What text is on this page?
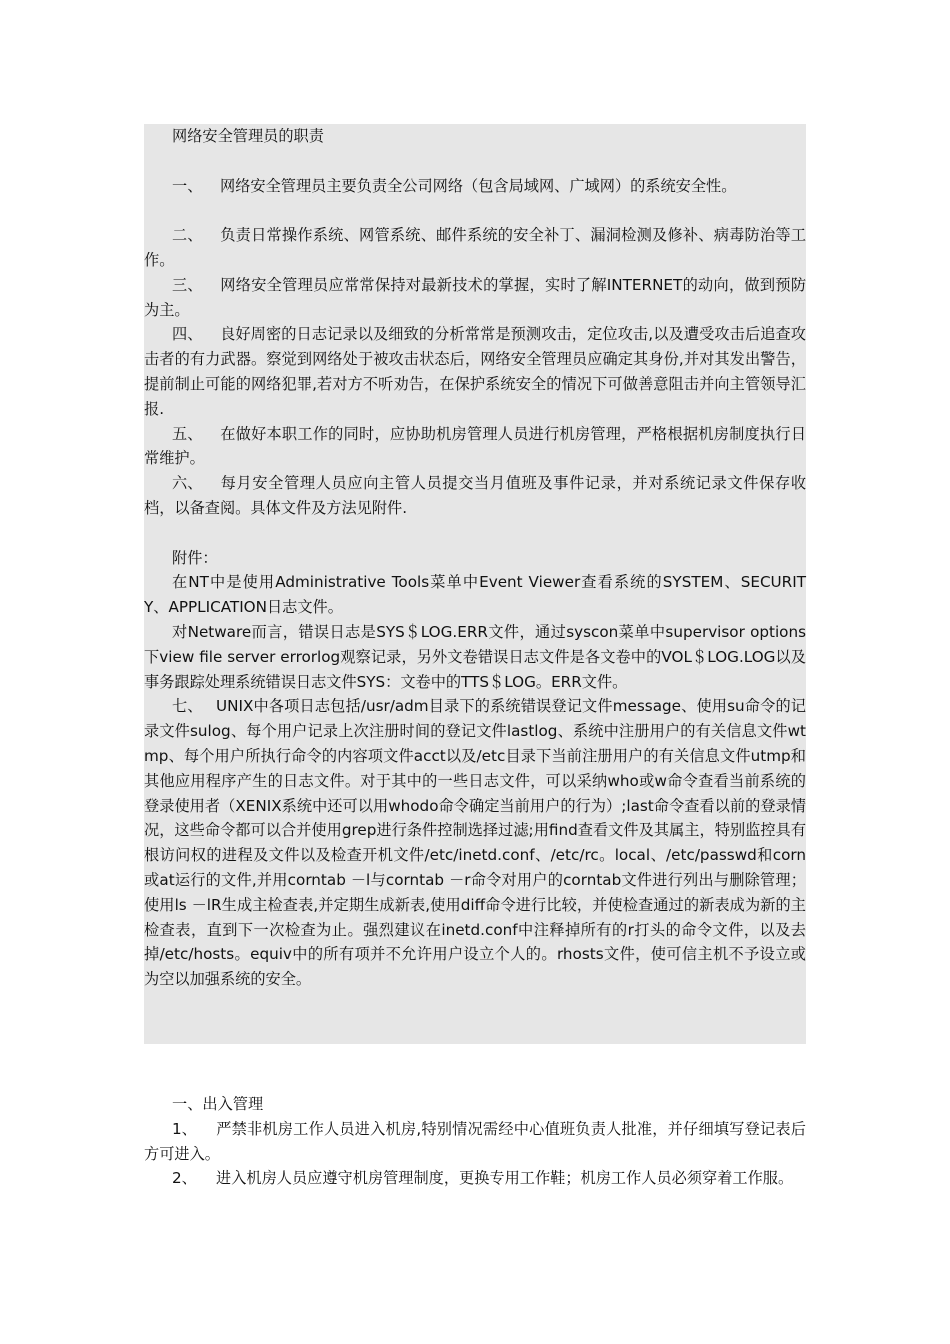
网络安全管理员的职责

一、 网络安全管理员主要负责全公司网络（包含局域网、广域网）的系统安全性。

二、 负责日常操作系统、网管系统、邮件系统的安全补丁、漏洞检测及修补、病毒防治等工作。

三、 网络安全管理员应常常保持对最新技术的掌握，实时了解INTERNET的动向，做到预防为主。

四、 良好周密的日志记录以及细致的分析常常是预测攻击，定位攻击,以及遭受攻击后追查攻击者的有力武器。察觉到网络处于被攻击状态后，网络安全管理员应确定其身份,并对其发出警告，提前制止可能的网络犯罪,若对方不听劝告，在保护系统安全的情况下可做善意阻击并向主管领导汇报.

五、 在做好本职工作的同时，应协助机房管理人员进行机房管理，严格根据机房制度执行日常维护。

六、 每月安全管理人员应向主管人员提交当月值班及事件记录，并对系统记录文件保存收档，以备查阅。具体文件及方法见附件.

附件：

在NT中是使用Administrative Tools菜单中Event Viewer查看系统的SYSTEM、SECURITY、APPLICATION日志文件。

对Netware而言，错误日志是SYS＄LOG.ERR文件，通过syscon菜单中supervisor options下view file server errorlog观察记录，另外文卷错误日志文件是各文卷中的VOL＄LOG.LOG以及事务跟踪处理系统错误日志文件SYS：文卷中的TTS＄LOG。ERR文件。

七、 UNIX中各项日志包括/usr/adm目录下的系统错误登记文件message、使用su命令的记录文件sulog、每个用户记录上次注册时间的登记文件lastlog、系统中注册用户的有关信息文件wtmp、每个用户所执行命令的内容项文件acct以及/etc目录下当前注册用户的有关信息文件utmp和其他应用程序产生的日志文件。对于其中的一些日志文件，可以采纳who或w命令查看当前系统的登录使用者（XENIX系统中还可以用whodo命令确定当前用户的行为）;last命令查看以前的登录情况，这些命令都可以合并使用grep进行条件控制选择过滤;用find查看文件及其属主，特别监控具有根访问权的进程及文件以及检查开机文件/etc/inetd.conf、/etc/rc。local、/etc/passwd和corn或at运行的文件,并用corntab －l与corntab －r命令对用户的corntab文件进行列出与删除管理；使用ls －lR生成主检查表,并定期生成新表,使用diff命令进行比较，并使检查通过的新表成为新的主检查表，直到下一次检查为止。强烈建议在inetd.conf中注释掉所有的r打头的命令文件，以及去掉/etc/hosts。equiv中的所有项并不允许用户设立个人的。rhosts文件，使可信主机不予设立或为空以加强系统的安全。

一、出入管理

1、 严禁非机房工作人员进入机房,特别情况需经中心值班负责人批准，并仔细填写登记表后方可进入。

2、 进入机房人员应遵守机房管理制度，更换专用工作鞋；机房工作人员必须穿着工作服。
